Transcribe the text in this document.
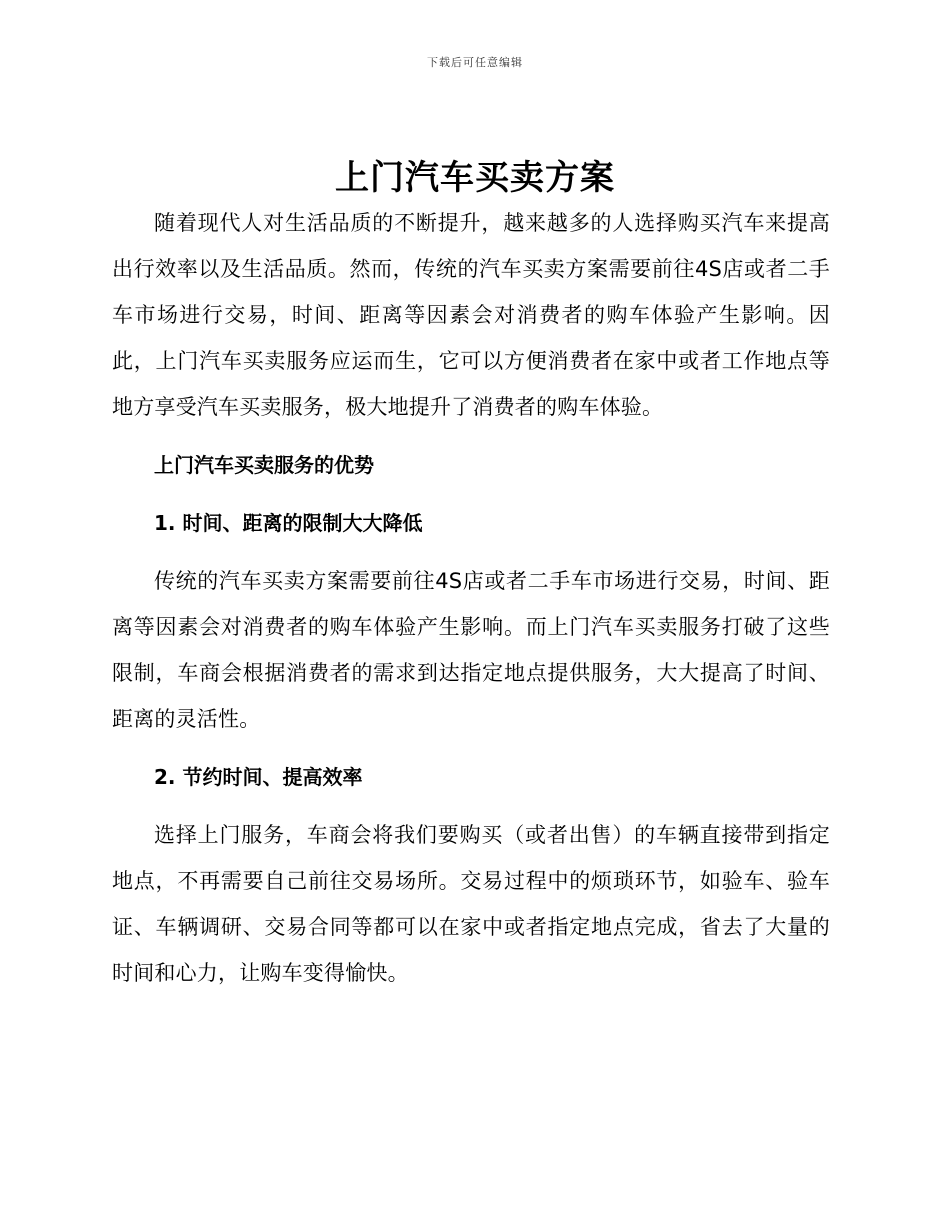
下载后可任意编辑
上门汽车买卖方案

随着现代人对生活品质的不断提升，越来越多的人选择购买汽车来提高出行效率以及生活品质。然而，传统的汽车买卖方案需要前往4S店或者二手车市场进行交易，时间、距离等因素会对消费者的购车体验产生影响。因此，上门汽车买卖服务应运而生，它可以方便消费者在家中或者工作地点等地方享受汽车买卖服务，极大地提升了消费者的购车体验。

上门汽车买卖服务的优势

1. 时间、距离的限制大大降低

传统的汽车买卖方案需要前往4S店或者二手车市场进行交易，时间、距离等因素会对消费者的购车体验产生影响。而上门汽车买卖服务打破了这些限制，车商会根据消费者的需求到达指定地点提供服务，大大提高了时间、距离的灵活性。

2. 节约时间、提高效率

选择上门服务，车商会将我们要购买（或者出售）的车辆直接带到指定地点，不再需要自己前往交易场所。交易过程中的烦琐环节，如验车、验车证、车辆调研、交易合同等都可以在家中或者指定地点完成，省去了大量的时间和心力，让购车变得愉快。
